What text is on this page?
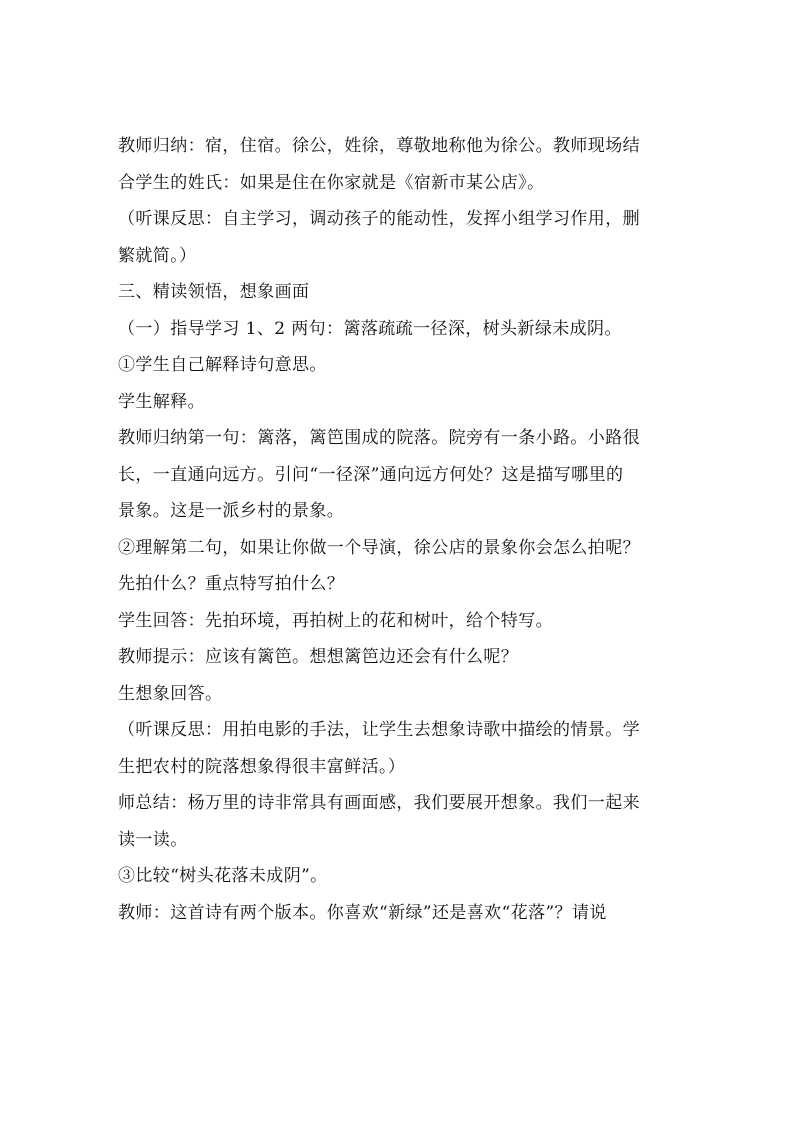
教师归纳：宿，住宿。徐公，姓徐，尊敬地称他为徐公。教师现场结
合学生的姓氏：如果是住在你家就是《宿新市某公店》。
（听课反思：自主学习，调动孩子的能动性，发挥小组学习作用，删
繁就简。）
三、精读领悟，想象画面
（一）指导学习 1、2 两句：篱落疏疏一径深，树头新绿未成阴。
①学生自己解释诗句意思。
学生解释。
教师归纳第一句：篱落，篱笆围成的院落。院旁有一条小路。小路很
长，一直通向远方。引问“一径深”通向远方何处？这是描写哪里的
景象。这是一派乡村的景象。
②理解第二句，如果让你做一个导演，徐公店的景象你会怎么拍呢？
先拍什么？重点特写拍什么？
学生回答：先拍环境，再拍树上的花和树叶，给个特写。
教师提示：应该有篱笆。想想篱笆边还会有什么呢？
生想象回答。
（听课反思：用拍电影的手法，让学生去想象诗歌中描绘的情景。学
生把农村的院落想象得很丰富鲜活。）
师总结：杨万里的诗非常具有画面感，我们要展开想象。我们一起来
读一读。
③比较“树头花落未成阴”。
教师：这首诗有两个版本。你喜欢“新绿”还是喜欢“花落”？请说
